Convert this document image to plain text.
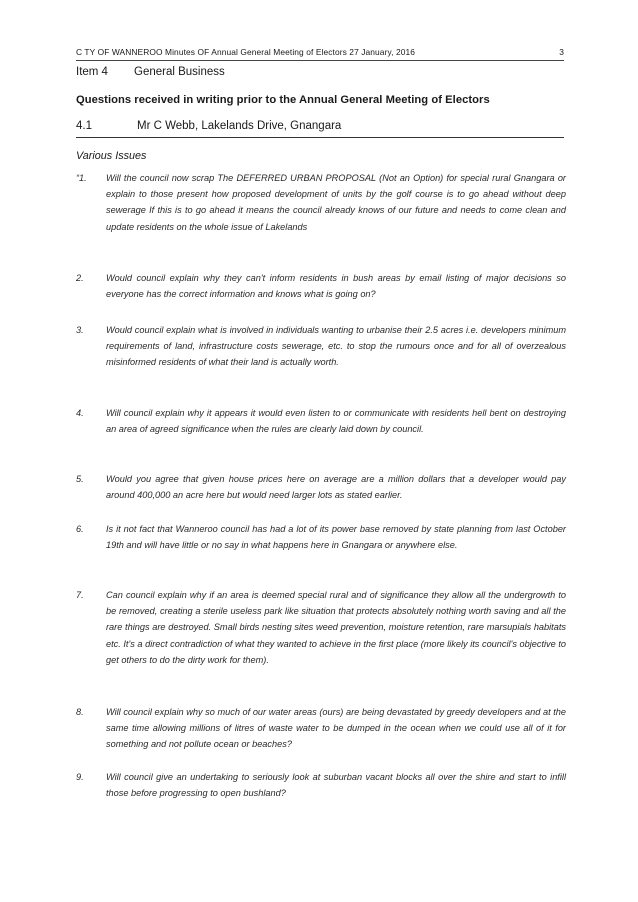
C TY OF WANNEROO Minutes OF Annual General Meeting of Electors 27 January, 2016	3
Item 4 General Business
Questions received in writing prior to the Annual General Meeting of Electors
4.1	Mr C Webb, Lakelands Drive, Gnangara
Various Issues
“1.	Will the council now scrap The DEFERRED URBAN PROPOSAL (Not an Option) for special rural Gnangara or explain to those present how proposed development of units by the golf course is to go ahead without deep sewerage If this is to go ahead it means the council already knows of our future and needs to come clean and update residents on the whole issue of Lakelands
2.	Would council explain why they can't inform residents in bush areas by email listing of major decisions so everyone has the correct information and knows what is going on?
3.	Would council explain what is involved in individuals wanting to urbanise their 2.5 acres i.e. developers minimum requirements of land, infrastructure costs sewerage, etc. to stop the rumours once and for all of overzealous misinformed residents of what their land is actually worth.
4.	Will council explain why it appears it would even listen to or communicate with residents hell bent on destroying an area of agreed significance when the rules are clearly laid down by council.
5.	Would you agree that given house prices here on average are a million dollars that a developer would pay around 400,000 an acre here but would need larger lots as stated earlier.
6.	Is it not fact that Wanneroo council has had a lot of its power base removed by state planning from last October 19th and will have little or no say in what happens here in Gnangara or anywhere else.
7.	Can council explain why if an area is deemed special rural and of significance they allow all the undergrowth to be removed, creating a sterile useless park like situation that protects absolutely nothing worth saving and all the rare things are destroyed. Small birds nesting sites weed prevention, moisture retention, rare marsupials habitats etc. It's a direct contradiction of what they wanted to achieve in the first place (more likely its council's objective to get others to do the dirty work for them).
8.	Will council explain why so much of our water areas (ours) are being devastated by greedy developers and at the same time allowing millions of litres of waste water to be dumped in the ocean when we could use all of it for something and not pollute ocean or beaches?
9.	Will council give an undertaking to seriously look at suburban vacant blocks all over the shire and start to infill those before progressing to open bushland?
